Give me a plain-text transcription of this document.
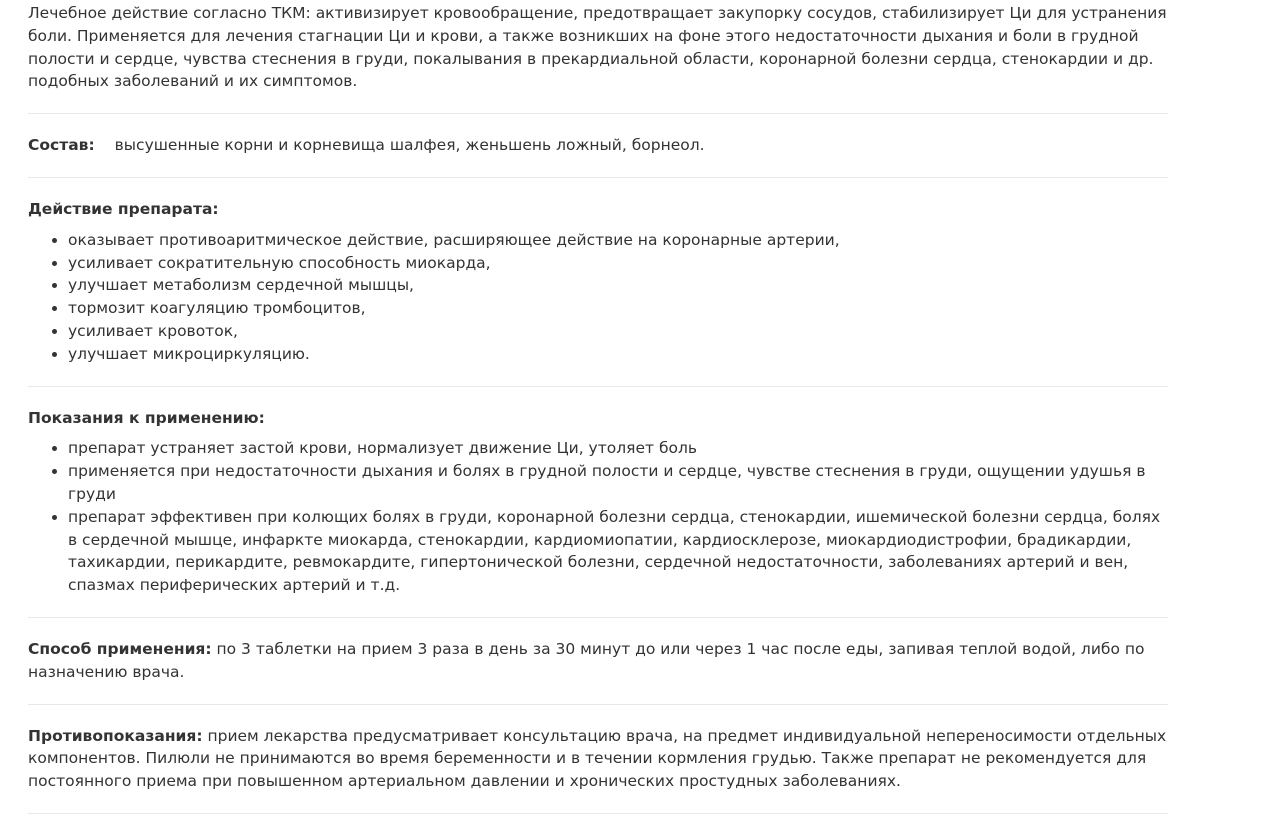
Лечебное действие согласно ТКМ: активизирует кровообращение, предотвращает закупорку сосудов, стабилизирует Ци для устранения боли. Применяется для лечения стагнации Ци и крови, а также возникших на фоне этого недостаточности дыхания и боли в грудной полости и сердце, чувства стеснения в груди, покалывания в прекардиальной области, коронарной болезни сердца, стенокардии и др. подобных заболеваний и их симптомов.

Состав: высушенные корни и корневища шалфея, женьшень ложный, борнеол.

Действие препарата:

• оказывает противоаритмическое действие, расширяющее действие на коронарные артерии,
• усиливает сократительную способность миокарда,
• улучшает метаболизм сердечной мышцы,
• тормозит коагуляцию тромбоцитов,
• усиливает кровоток,
• улучшает микроциркуляцию.

Показания к применению:

• препарат устраняет застой крови, нормализует движение Ци, утоляет боль
• применяется при недостаточности дыхания и болях в грудной полости и сердце, чувстве стеснения в груди, ощущении удушья в груди
• препарат эффективен при колющих болях в груди, коронарной болезни сердца, стенокардии, ишемической болезни сердца, болях в сердечной мышце, инфаркте миокарда, стенокардии, кардиомиопатии, кардиосклерозе, миокардиодистрофии, брадикардии, тахикардии, перикардите, ревмокардите, гипертонической болезни, сердечной недостаточности, заболеваниях артерий и вен, спазмах периферических артерий и т.д.

Способ применения: по 3 таблетки на прием 3 раза в день за 30 минут до или через 1 час после еды, запивая теплой водой, либо по назначению врача.

Противопоказания: прием лекарства предусматривает консультацию врача, на предмет индивидуальной непереносимости отдельных компонентов. Пилюли не принимаются во время беременности и в течении кормления грудью. Также препарат не рекомендуется для постоянного приема при повышенном артериальном давлении и хронических простудных заболеваниях.
